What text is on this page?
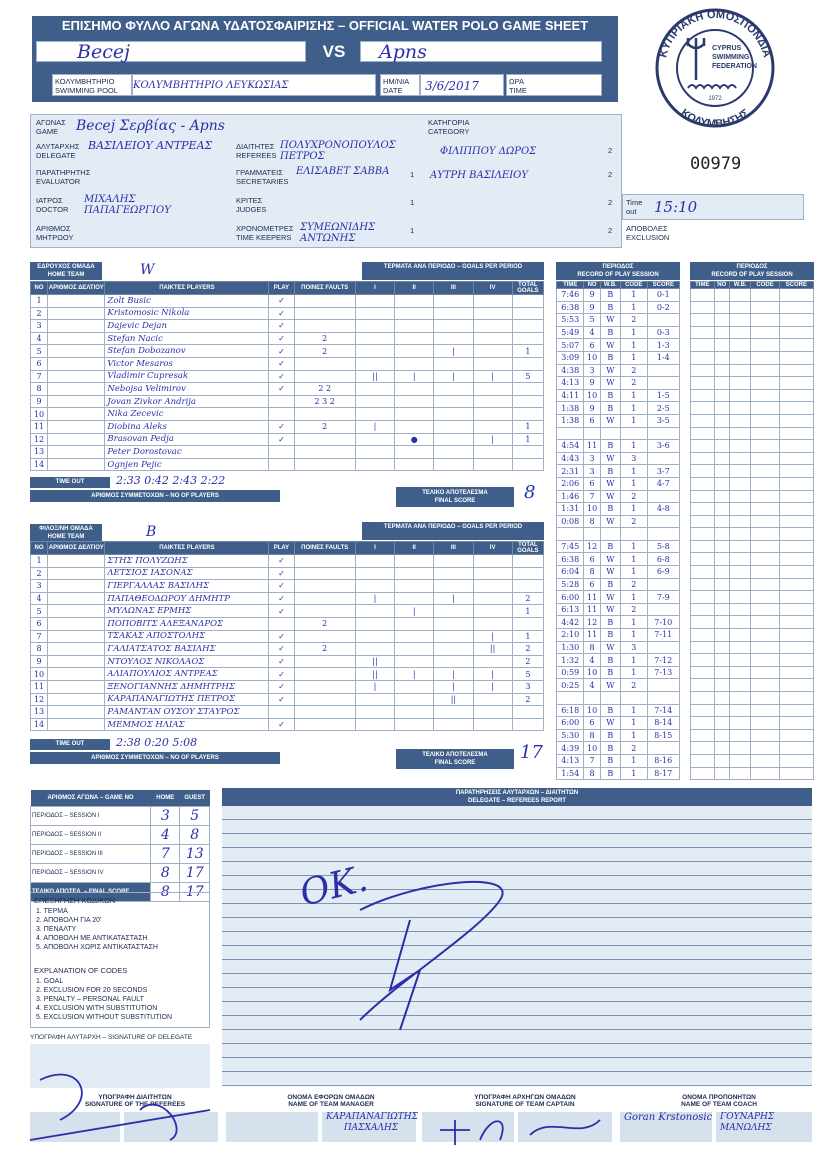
ΕΠΙΣΗΜΟ ΦΥΛΛΟ ΑΓΩΝΑ ΥΔΑΤΟΣΦΑΙΡΙΣΗΣ – OFFICIAL WATER POLO GAME SHEET
Becej	VS	Apns
ΚΟΛΥΜΒΗΤΗΡΙΟ
SWIMMING POOL	ΚΟΛΥΜΒΗΤΗΡΙΟ ΛΕΥΚΩΣΙΑΣ	ΗΜ/ΝΙΑ
DATE	3/6/2017	ΩΡΑ
TIME
ΚΥΠΡΙΑΚΗ ΟΜΟΣΠΟΝΔΙΑ
ΚΟΛΥΜΒΗΣΗΣ
CYPRUS
SWIMMING
FEDERATION
1972
ΑΓΩΝΑΣ
GAME	Becej Σερβίας - Apns	ΚΑΤΗΓΟΡΙΑ
CATEGORY
ΑΛΥΤΑΡΧΗΣ
DELEGATE
ΒΑΣΙΛΕΙΟΥ ΑΝΤΡΕΑΣ	ΔΙΑΙΤΗΤΕΣ
REFEREES
ΠΟΛΥΧΡΟΝΟΠΟΥΛΟΣ ΠΕΤΡΟΣ	ΦΙΛΙΠΠΟΥ ΔΩΡΟΣ	2
ΠΑΡΑΤΗΡΗΤΗΣ
EVALUATOR
ΓΡΑΜΜΑΤΕΙΣ
SECRETARIES
ΕΛΙΣΑΒΕΤ ΣΑΒΒΑ	1 ΑΥΤΡΗ ΒΑΣΙΛΕΙΟΥ	2
ΙΑΤΡΟΣ
DOCTOR
ΜΙΧΑΛΗΣ ΠΑΠΑΓΕΩΡΓΙΟΥ
ΚΡΙΤΕΣ
JUDGES
1	2
ΑΡΙΘΜΟΣ
ΜΗΤΡΩΟΥ
ΧΡΟΝΟΜΕΤΡΕΣ
TIME KEEPERS
ΣΥΜΕΩΝΙΔΗΣ ΑΝΤΩΝΗΣ
1	2
00979
Time
out	15:10
ΑΠΟΒΟΛΕΣ
EXCLUSION
ΕΔΡΟΥΧΟΣ ΟΜΑΔΑ
HOME TEAM	W	ΤΕΡΜΑΤΑ ΑΝΑ ΠΕΡΙΟΔΟ – GOALS PER PERIOD
NO	ΑΡΙΘΜΟΣ ΔΕΛΤΙΟΥ	ΠΑΙΚΤΕΣ PLAYERS	PLAY	ΠΟΙΝΕΣ FAULTS	I	II	III	IV	TOTAL GOALS
1		Zolt Busic	✓						
2		Kristomosic Nikola	✓						
3		Dajevic Dejan	✓						
4		Stefan Nacic	✓	2					
5		Stefan Dobozanov	✓	2			|		1
6		Victor Mesaros	✓						
7		Vladimir Cupresak	✓		||	|	|	|	5
8		Nebojsa Velimirov	✓	2 2					
9		Jovan Zivkor Andrija		2 3 2					
10		Nika Zecevic							
11		Diobina Aleks	✓	2	|				1
12		Brasovan Pedja	✓			●		|	1
13		Peter Dorostovac							
14		Ognjen Pejic							
TIME OUT	2:33 0:42 2:43 2:22
ΑΡΙΘΜΟΣ ΣΥΜΜΕΤΟΧΩΝ – NO OF PLAYERS	ΤΕΛΙΚΟ ΑΠΟΤΕΛΕΣΜΑ
FINAL SCORE	8
ΦΙΛΟΞ/ΝΗ ΟΜΑΔΑ
HOME TEAM	B	ΤΕΡΜΑΤΑ ΑΝΑ ΠΕΡΙΟΔΟ – GOALS PER PERIOD
NO	ΑΡΙΘΜΟΣ ΔΕΛΤΙΟΥ	ΠΑΙΚΤΕΣ PLAYERS	PLAY	ΠΟΙΝΕΣ FAULTS	I	II	III	IV	TOTAL GOALS
1		ΣΤΗΣ ΠΟΛΥΖΩΗΣ	✓						
2		ΛΕΤΣΙΟΣ ΙΑΣΟΝΑΣ	✓						
3		ΓΙΕΡΓΑΛΛΑΣ ΒΑΣΙΛΗΣ	✓						
4		ΠΑΠΑΘΕΟΔΩΡΟΥ ΔΗΜΗΤΡ	✓		|		|		2
5		ΜΥΛΩΝΑΣ ΕΡΜΗΣ	✓			|			1
6		ΠΟΠΟΒΙΤΣ ΑΛΕΞΑΝΔΡΟΣ		2					
7		ΤΣΑΚΑΣ ΑΠΟΣΤΟΛΗΣ	✓					|	1
8		ΓΑΛΙΑΤΣΑΤΟΣ ΒΑΣΙΛΗΣ	✓	2				||	2
9		ΝΤΟΥΛΟΣ ΝΙΚΟΛΑΟΣ	✓		||				2
10		ΑΛΙΑΠΟΥΛΙΟΣ ΑΝΤΡΕΑΣ	✓		||	|	|	|	5
11		ΞΕΝΟΓΙΑΝΝΗΣ ΔΗΜΗΤΡΗΣ	✓		|		|	|	3
12		ΚΑΡΑΠΑΝΑΓΙΩΤΗΣ ΠΕΤΡΟΣ	✓				||		2
13		ΡΑΜΑΝΤΑΝ ΟΥΣΟΥ ΣΤΑΥΡΟΣ							
14		ΜΕΜΜΟΣ ΗΛΙΑΣ	✓						
TIME OUT	2:38 0:20 5:08
ΑΡΙΘΜΟΣ ΣΥΜΜΕΤΟΧΩΝ – NO OF PLAYERS	ΤΕΛΙΚΟ ΑΠΟΤΕΛΕΣΜΑ
FINAL SCORE	17
ΠΕΡΙΟΔΟΣ
RECORD OF PLAY SESSION
TIME	NO	W.B.	CODE	SCORE
7:46	9	B	1	0-1
6:38	9	B	1	0-2
5:53	5	W	2	
5:49	4	B	1	0-3
5:07	6	W	1	1-3
3:09	10	B	1	1-4
4:38	3	W	2	
4:13	9	W	2	
4:11	10	B	1	1-5
1:38	9	B	1	2-5
1:38	6	W	1	3-5

4:54	11	B	1	3-6
4:43	3	W	3	
2:31	3	B	1	3-7
2:06	6	W	1	4-7
1:46	7	W	2	
1:31	10	B	1	4-8
0:08	8	W	2	

7:45	12	B	1	5-8
6:38	6	W	1	6-8
6:04	8	W	1	6-9
5:28	6	B	2	
6:00	11	W	1	7-9
6:13	11	W	2	
4:42	12	B	1	7-10
2:10	11	B	1	7-11
1:30	8	W	3	
1:32	4	B	1	7-12
0:59	10	B	1	7-13
0:25	4	W	2	

6:18	10	B	1	7-14
6:00	6	W	1	8-14
5:30	8	B	1	8-15
4:39	10	B	2	
4:13	7	B	1	8-16
1:54	8	B	1	8-17
ΠΕΡΙΟΔΟΣ
RECORD OF PLAY SESSION
TIME	NO	W.B.	CODE	SCORE

ΑΡΙΘΜΟΣ ΑΓΩΝΑ – GAME NO	HOME	GUEST
ΠΕΡΙΟΔΟΣ – SESSION I	3	5
ΠΕΡΙΟΔΟΣ – SESSION II	4	8
ΠΕΡΙΟΔΟΣ – SESSION III	7	13
ΠΕΡΙΟΔΟΣ – SESSION IV	8	17
ΤΕΛΙΚΟ ΑΠΟΤΕΛ. – FINAL SCORE	8	17
ΕΠΕΞΗΓΗΣΗ ΚΩΔΙΚΩΝ
1. ΤΕΡΜΑ
2. ΑΠΟΒΟΛΗ ΓΙΑ 20’
3. ΠΕΝΑΛΤΥ
4. ΑΠΟΒΟΛΗ ΜΕ ΑΝΤΙΚΑΤΑΣΤΑΣΗ
5. ΑΠΟΒΟΛΗ ΧΩΡΙΣ ΑΝΤΙΚΑΤΑΣΤΑΣΗ
EXPLANATION OF CODES
1. GOAL
2. EXCLUSION FOR 20 SECONDS
3. PENALTY – PERSONAL FAULT
4. EXCLUSION WITH SUBSTITUTION
5. EXCLUSION WITHOUT SUBSTITUTION
ΥΠΟΓΡΑΦΗ ΑΛΥΤΑΡΧΗ – SIGNATURE OF DELEGATE
ΠΑΡΑΤΗΡΗΣΕΙΣ ΑΛΥΤΑΡΧΩΝ – ΔΙΑΙΤΗΤΩΝ
DELEGATE – REFEREES REPORT
OK.
ΥΠΟΓΡΑΦΗ ΔΙΑΙΤΗΤΩΝ
SIGNATURE OF THE REFEREES
ΟΝΟΜΑ ΕΦΟΡΩΝ ΟΜΑΔΩΝ
NAME OF TEAM MANAGER
ΥΠΟΓΡΑΦΗ ΑΡΧΗΓΩΝ ΟΜΑΔΩΝ
SIGNATURE OF TEAM CAPTAIN
ΟΝΟΜΑ ΠΡΟΠΟΝΗΤΩΝ
NAME OF TEAM COACH
ΚΑΡΑΠΑΝΑΓΙΩΤΗΣ ΠΑΣΧΑΛΗΣ
Goran Krstonosic ΓΟΥΝΑΡΗΣ ΜΑΝΩΛΗΣ
